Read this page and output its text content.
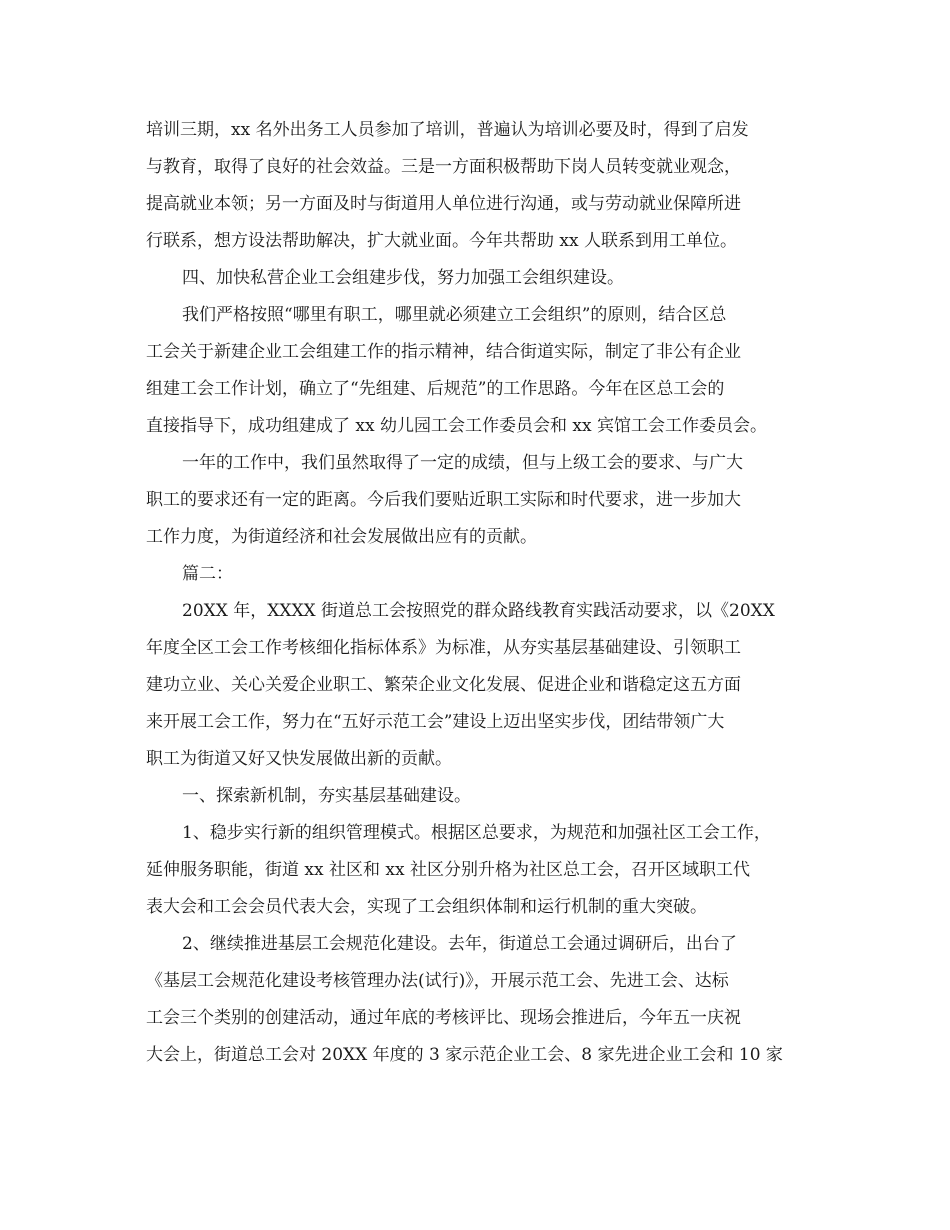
培训三期，xx 名外出务工人员参加了培训，普遍认为培训必要及时，得到了启发
与教育，取得了良好的社会效益。三是一方面积极帮助下岗人员转变就业观念，
提高就业本领；另一方面及时与街道用人单位进行沟通，或与劳动就业保障所进
行联系，想方设法帮助解决，扩大就业面。今年共帮助 xx 人联系到用工单位。
四、加快私营企业工会组建步伐，努力加强工会组织建设。
我们严格按照“哪里有职工，哪里就必须建立工会组织”的原则，结合区总
工会关于新建企业工会组建工作的指示精神，结合街道实际，制定了非公有企业
组建工会工作计划，确立了“先组建、后规范”的工作思路。今年在区总工会的
直接指导下，成功组建成了 xx 幼儿园工会工作委员会和 xx 宾馆工会工作委员会。
一年的工作中，我们虽然取得了一定的成绩，但与上级工会的要求、与广大
职工的要求还有一定的距离。今后我们要贴近职工实际和时代要求，进一步加大
工作力度，为街道经济和社会发展做出应有的贡献。
篇二：
20XX 年，XXXX 街道总工会按照党的群众路线教育实践活动要求，以《20XX
年度全区工会工作考核细化指标体系》为标准，从夯实基层基础建设、引领职工
建功立业、关心关爱企业职工、繁荣企业文化发展、促进企业和谐稳定这五方面
来开展工会工作，努力在“五好示范工会”建设上迈出坚实步伐，团结带领广大
职工为街道又好又快发展做出新的贡献。
一、探索新机制，夯实基层基础建设。
1、稳步实行新的组织管理模式。根据区总要求，为规范和加强社区工会工作，
延伸服务职能，街道 xx 社区和 xx 社区分别升格为社区总工会，召开区域职工代
表大会和工会会员代表大会，实现了工会组织体制和运行机制的重大突破。
2、继续推进基层工会规范化建设。去年，街道总工会通过调研后，出台了
《基层工会规范化建设考核管理办法(试行)》，开展示范工会、先进工会、达标
工会三个类别的创建活动，通过年底的考核评比、现场会推进后，今年五一庆祝
大会上，街道总工会对 20XX 年度的 3 家示范企业工会、8 家先进企业工会和 10 家
